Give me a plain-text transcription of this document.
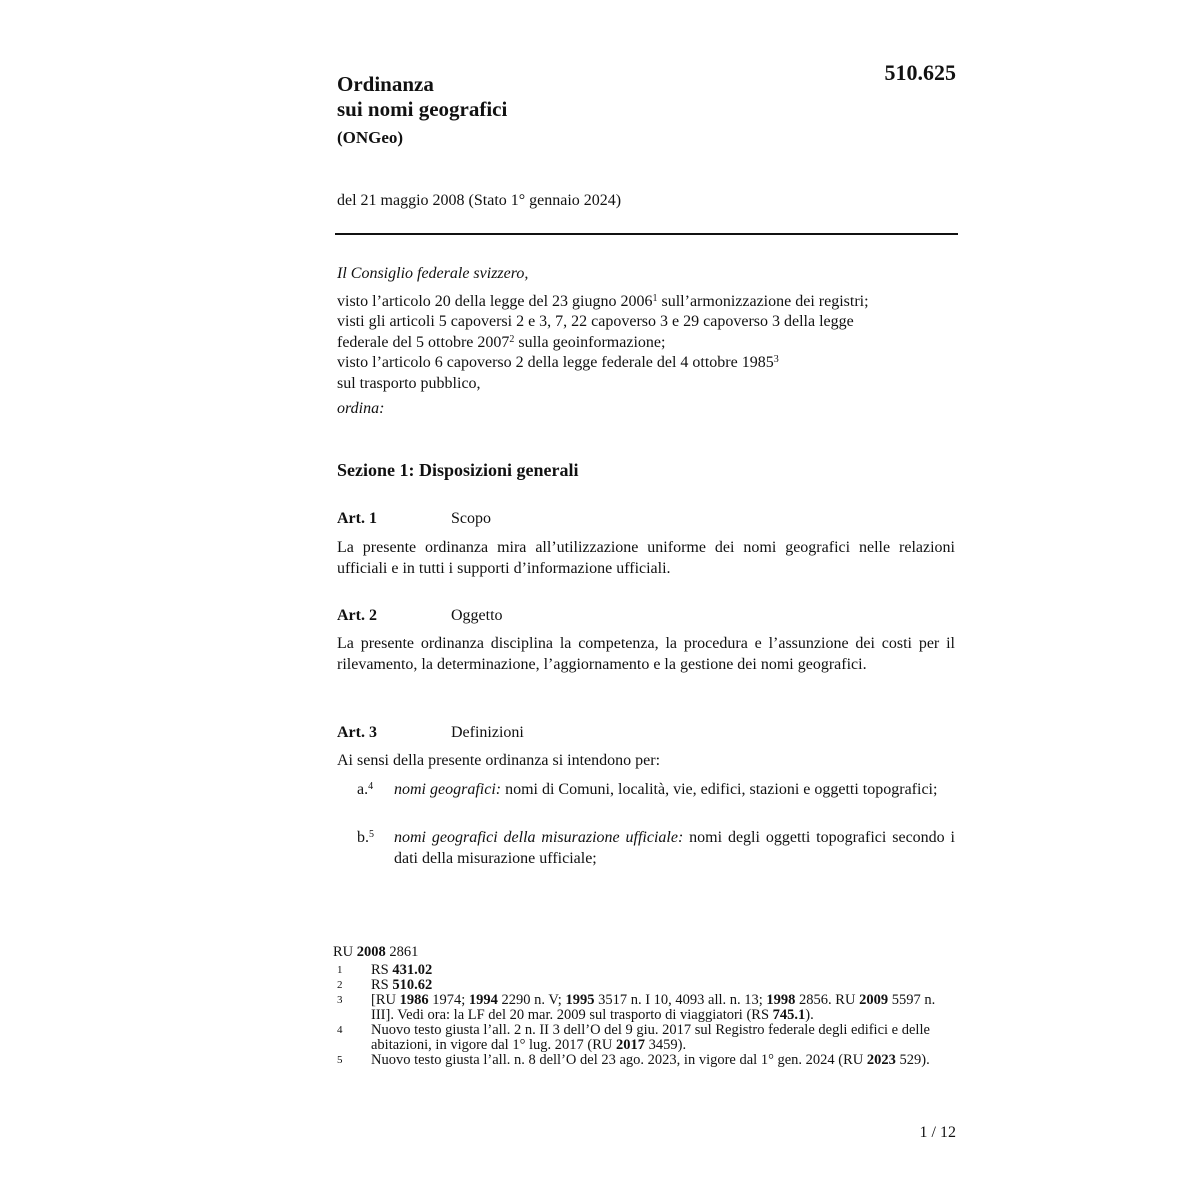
510.625
Ordinanza
sui nomi geografici
(ONGeo)
del 21 maggio 2008 (Stato 1° gennaio 2024)
Il Consiglio federale svizzero,
visto l’articolo 20 della legge del 23 giugno 2006$^1$ sull’armonizzazione dei registri;
visti gli articoli 5 capoversi 2 e 3, 7, 22 capoverso 3 e 29 capoverso 3 della legge
federale del 5 ottobre 2007$^2$ sulla geoinformazione;
visto l’articolo 6 capoverso 2 della legge federale del 4 ottobre 1985$^3$
sul trasporto pubblico,
ordina:
Sezione 1: Disposizioni generali
Art. 1	Scopo
La presente ordinanza mira all’utilizzazione uniforme dei nomi geografici nelle relazioni ufficiali e in tutti i supporti d’informazione ufficiali.
Art. 2	Oggetto
La presente ordinanza disciplina la competenza, la procedura e l’assunzione dei costi per il rilevamento, la determinazione, l’aggiornamento e la gestione dei nomi geografici.
Art. 3	Definizioni
Ai sensi della presente ordinanza si intendono per:
a.$^4$ nomi geografici: nomi di Comuni, località, vie, edifici, stazioni e oggetti topografici;
b.$^5$ nomi geografici della misurazione ufficiale: nomi degli oggetti topografici secondo i dati della misurazione ufficiale;
RU 2008 2861
1	RS 431.02
2	RS 510.62
3	[RU 1986 1974; 1994 2290 n. V; 1995 3517 n. I 10, 4093 all. n. 13; 1998 2856. RU 2009 5597 n. III]. Vedi ora: la LF del 20 mar. 2009 sul trasporto di viaggiatori (RS 745.1).
4	Nuovo testo giusta l’all. 2 n. II 3 dell’O del 9 giu. 2017 sul Registro federale degli edifici e delle abitazioni, in vigore dal 1° lug. 2017 (RU 2017 3459).
5	Nuovo testo giusta l’all. n. 8 dell’O del 23 ago. 2023, in vigore dal 1° gen. 2024 (RU 2023 529).
1 / 12
